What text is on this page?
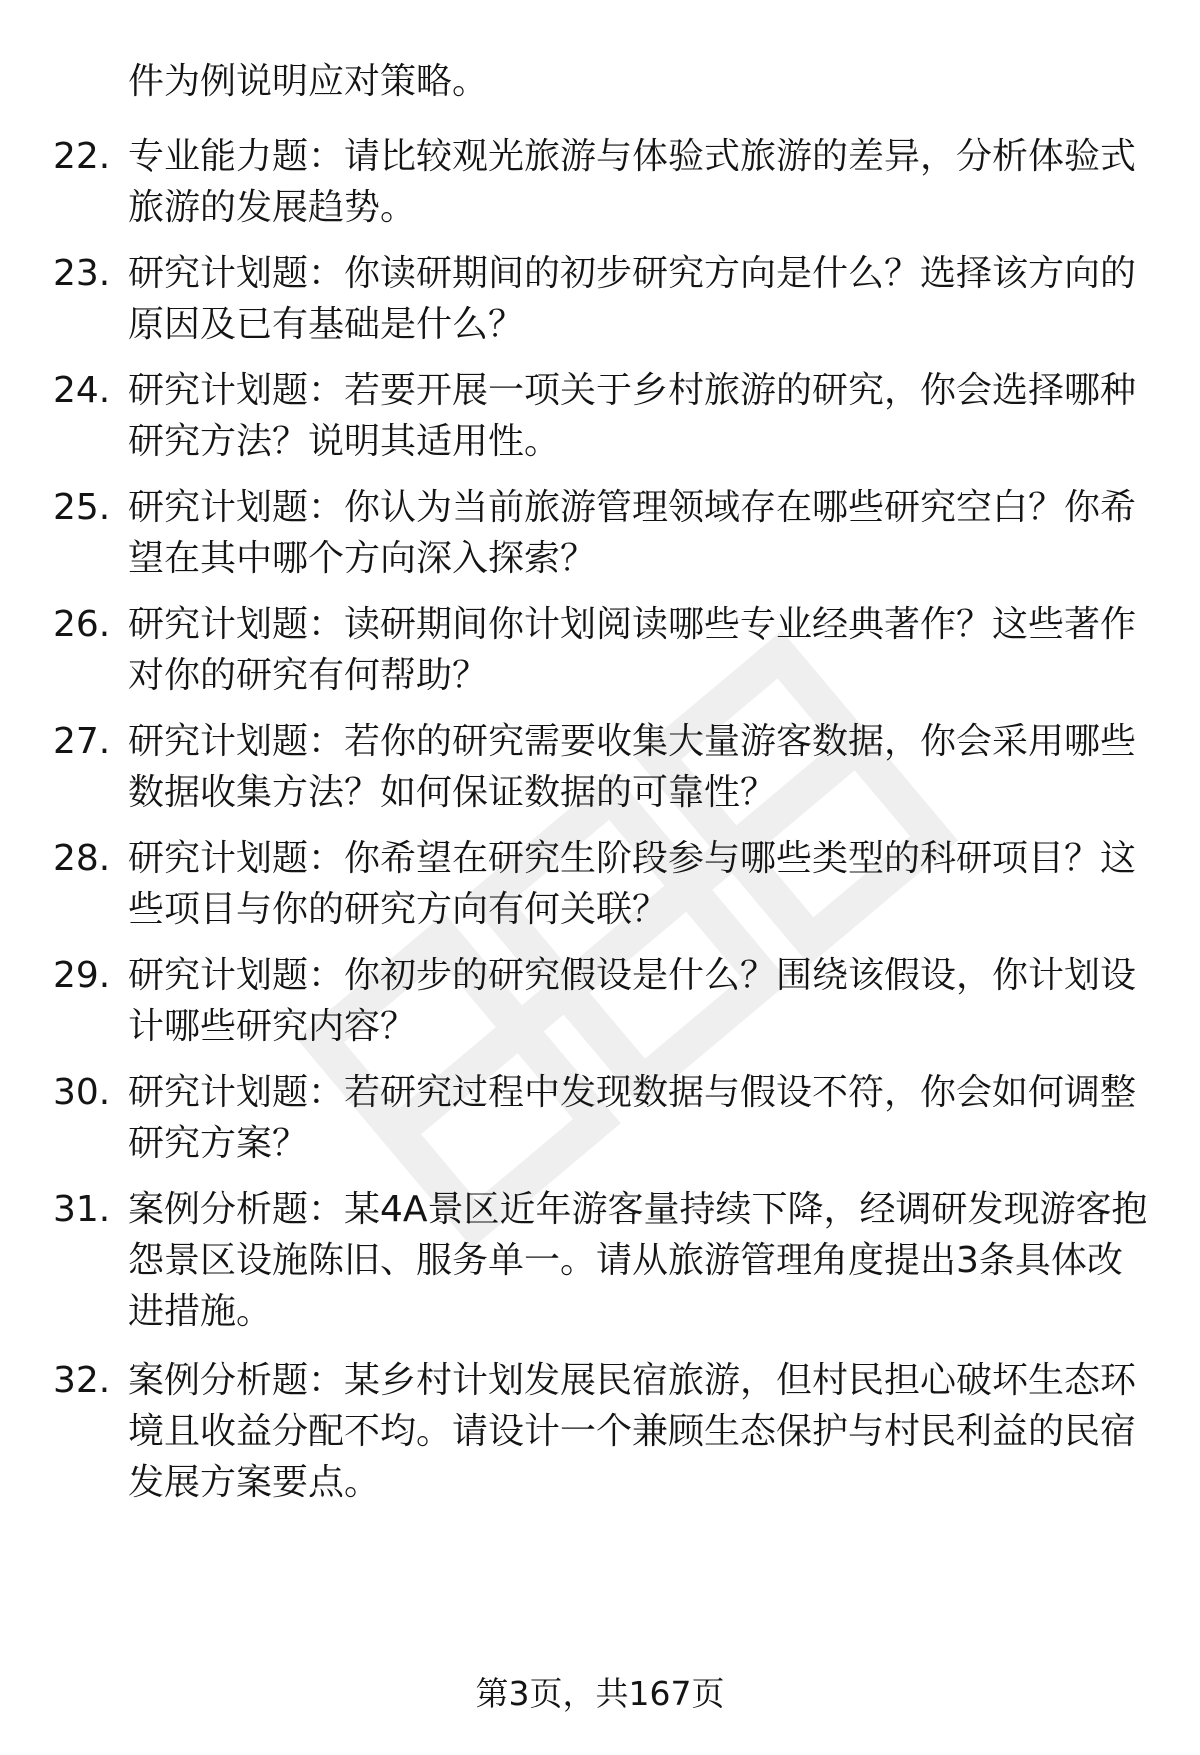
件为例说明应对策略。
22. 专业能力题：请比较观光旅游与体验式旅游的差异，分析体验式旅游的发展趋势。
23. 研究计划题：你读研期间的初步研究方向是什么？选择该方向的原因及已有基础是什么？
24. 研究计划题：若要开展一项关于乡村旅游的研究，你会选择哪种研究方法？说明其适用性。
25. 研究计划题：你认为当前旅游管理领域存在哪些研究空白？你希望在其中哪个方向深入探索？
26. 研究计划题：读研期间你计划阅读哪些专业经典著作？这些著作对你的研究有何帮助？
27. 研究计划题：若你的研究需要收集大量游客数据，你会采用哪些数据收集方法？如何保证数据的可靠性？
28. 研究计划题：你希望在研究生阶段参与哪些类型的科研项目？这些项目与你的研究方向有何关联？
29. 研究计划题：你初步的研究假设是什么？围绕该假设，你计划设计哪些研究内容？
30. 研究计划题：若研究过程中发现数据与假设不符，你会如何调整研究方案？
31. 案例分析题：某4A景区近年游客量持续下降，经调研发现游客抱怨景区设施陈旧、服务单一。请从旅游管理角度提出3条具体改进措施。
32. 案例分析题：某乡村计划发展民宿旅游，但村民担心破坏生态环境且收益分配不均。请设计一个兼顾生态保护与村民利益的民宿发展方案要点。
第3页，共167页
